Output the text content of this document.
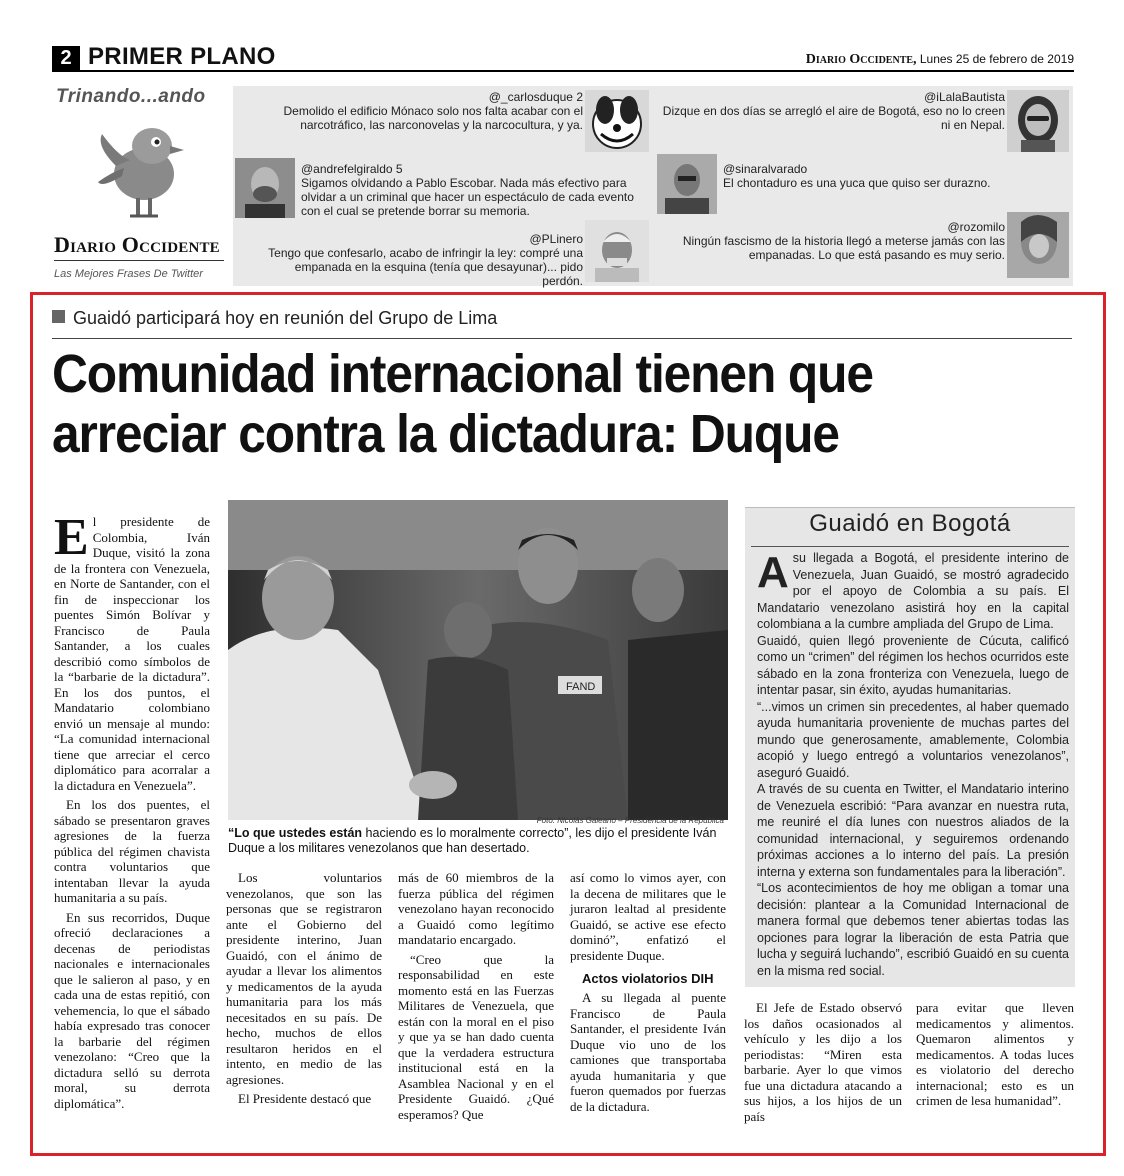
2 PRIMER PLANO	Diario Occidente, Lunes 25 de febrero de 2019
Trinando...ando
Diario Occidente
Las Mejores Frases De Twitter
@_carlosduque 2
Demolido el edificio Mónaco solo nos falta acabar con el narcotráfico, las narconovelas y la narcocultura, y ya.
@iLalaBautista
Dizque en dos días se arregló el aire de Bogotá, eso no lo creen ni en Nepal.
@andrefelgiraldo 5
Sigamos olvidando a Pablo Escobar. Nada más efectivo para olvidar a un criminal que hacer un espectáculo de cada evento con el cual se pretende borrar su memoria.
@sinaralvarado
El chontaduro es una yuca que quiso ser durazno.
@PLinero
Tengo que confesarlo, acabo de infringir la ley: compré una empanada en la esquina (tenía que desayunar)... pido perdón.
@rozomilo
Ningún fascismo de la historia llegó a meterse jamás con las empanadas. Lo que está pasando es muy serio.
Guaidó participará hoy en reunión del Grupo de Lima
Comunidad internacional tienen que arreciar contra la dictadura: Duque

El presidente de Colombia, Iván Duque, visitó la zona de la frontera con Venezuela, en Norte de Santander, con el fin de inspeccionar los puentes Simón Bolívar y Francisco de Paula Santander, a los cuales describió como símbolos de la “barbarie de la dictadura”. En los dos puntos, el Mandatario colombiano envió un mensaje al mundo: “La comunidad internacional tiene que arreciar el cerco diplomático para acorralar a la dictadura en Venezuela”.

En los dos puentes, el sábado se presentaron graves agresiones de la fuerza pública del régimen chavista contra voluntarios que intentaban llevar la ayuda humanitaria a su país.

En sus recorridos, Duque ofreció declaraciones a decenas de periodistas nacionales e internacionales que le salieron al paso, y en cada una de estas repitió, con vehemencia, lo que el sábado había expresado tras conocer la barbarie del régimen venezolano: “Creo que la dictadura selló su derrota moral, su derrota diplomática”.

FAND
Foto: Nicolás Galeano – Presidencia de la República
“Lo que ustedes están haciendo es lo moralmente correcto”, les dijo el presidente Iván Duque a los militares venezolanos que han desertado.

Los voluntarios venezolanos, que son las personas que se registraron ante el Gobierno del presidente interino, Juan Guaidó, con el ánimo de ayudar a llevar los alimentos y medicamentos de la ayuda humanitaria para los más necesitados en su país. De hecho, muchos de ellos resultaron heridos en el intento, en medio de las agresiones.

El Presidente destacó que

más de 60 miembros de la fuerza pública del régimen venezolano hayan reconocido a Guaidó como legítimo mandatario encargado.

“Creo que la responsabilidad en este momento está en las Fuerzas Militares de Venezuela, que están con la moral en el piso y que ya se han dado cuenta que la verdadera estructura institucional está en la Asamblea Nacional y en el Presidente Guaidó. ¿Qué esperamos? Que

así como lo vimos ayer, con la decena de militares que le juraron lealtad al presidente Guaidó, se active ese efecto dominó”, enfatizó el presidente Duque.

Actos violatorios DIH

A su llegada al puente Francisco de Paula Santander, el presidente Iván Duque vio uno de los camiones que transportaba ayuda humanitaria y que fueron quemados por fuerzas de la dictadura.

Guaidó en Bogotá

A su llegada a Bogotá, el presidente interino de Venezuela, Juan Guaidó, se mostró agradecido por el apoyo de Colombia a su país. El Mandatario venezolano asistirá hoy en la capital colombiana a la cumbre ampliada del Grupo de Lima.

Guaidó, quien llegó proveniente de Cúcuta, calificó como un “crimen” del régimen los hechos ocurridos este sábado en la zona fronteriza con Venezuela, luego de intentar pasar, sin éxito, ayudas humanitarias.

“...vimos un crimen sin precedentes, al haber quemado ayuda humanitaria proveniente de muchas partes del mundo que generosamente, amablemente, Colombia acopió y luego entregó a voluntarios venezolanos”, aseguró Guaidó.

A través de su cuenta en Twitter, el Mandatario interino de Venezuela escribió: “Para avanzar en nuestra ruta, me reuniré el día lunes con nuestros aliados de la comunidad internacional, y seguiremos ordenando próximas acciones a lo interno del país. La presión interna y externa son fundamentales para la liberación”.

“Los acontecimientos de hoy me obligan a tomar una decisión: plantear a la Comunidad Internacional de manera formal que debemos tener abiertas todas las opciones para lograr la liberación de esta Patria que lucha y seguirá luchando”, escribió Guaidó en su cuenta en la misma red social.

El Jefe de Estado observó los daños ocasionados al vehículo y les dijo a los periodistas: “Miren esta barbarie. Ayer lo que vimos fue una dictadura atacando a sus hijos, a los hijos de un país

para evitar que lleven medicamentos y alimentos. Quemaron alimentos y medicamentos. A todas luces es violatorio del derecho internacional; esto es un crimen de lesa humanidad”.
